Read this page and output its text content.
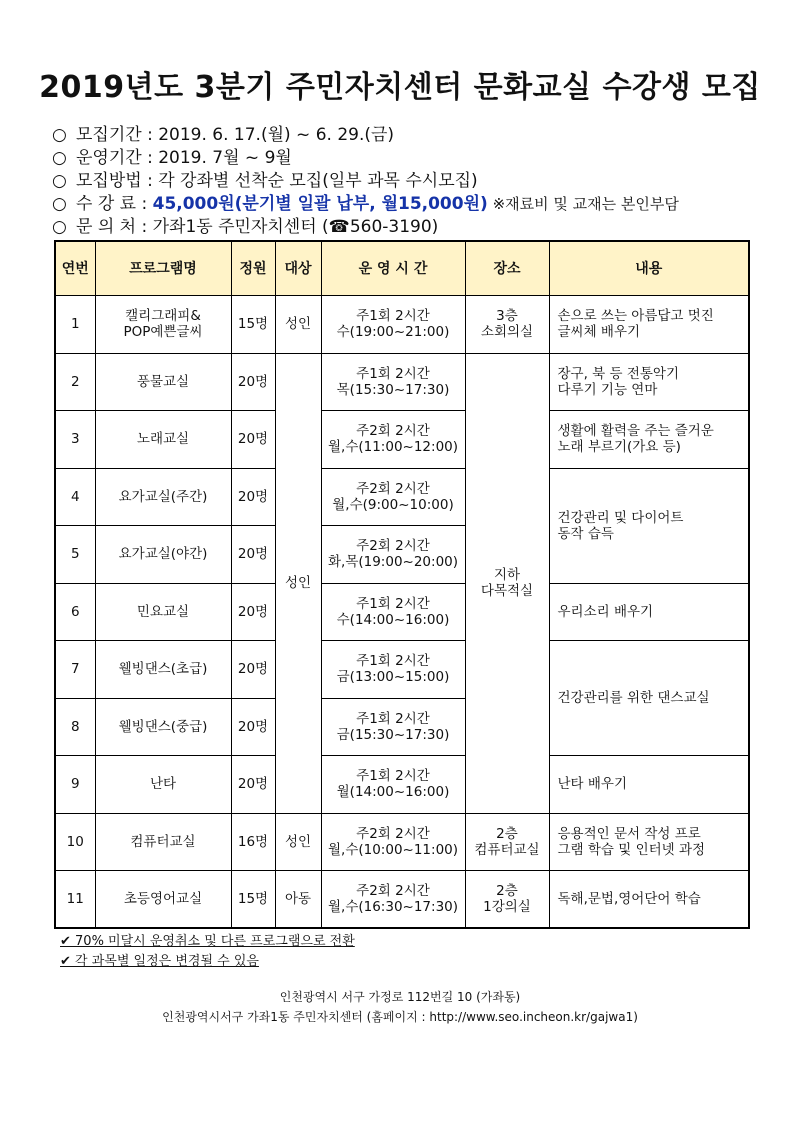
2019년도 3분기 주민자치센터 문화교실 수강생 모집
○ 모집기간 : 2019. 6. 17.(월) ~ 6. 29.(금)
○ 운영기간 : 2019. 7월 ~ 9월
○ 모집방법 : 각 강좌별 선착순 모집(일부 과목 수시모집)
○ 수 강 료 : 45,000원(분기별 일괄 납부, 월15,000원) ※재료비 및 교재는 본인부담
○ 문 의 처 : 가좌1동 주민자치센터 (☎560-3190)
연번	프로그램명	정원	대상	운 영 시 간	장소	내용
1	캘리그래피&
POP예쁜글씨	15명	성인	주1회 2시간
수(19:00~21:00)	3층
소회의실	손으로 쓰는 아름답고 멋진
글씨체 배우기
2	풍물교실	20명	성인	주1회 2시간
목(15:30~17:30)	지하
다목적실	장구, 북 등 전통악기
다루기 기능 연마
3	노래교실	20명		주2회 2시간
월,수(11:00~12:00)		생활에 활력을 주는 즐거운
노래 부르기(가요 등)
4	요가교실(주간)	20명		주2회 2시간
월,수(9:00~10:00)		건강관리 및 다이어트
동작 습득
5	요가교실(야간)	20명		주2회 2시간
화,목(19:00~20:00)		
6	민요교실	20명		주1회 2시간
수(14:00~16:00)		우리소리 배우기
7	웰빙댄스(초급)	20명		주1회 2시간
금(13:00~15:00)		건강관리를 위한 댄스교실
8	웰빙댄스(중급)	20명		주1회 2시간
금(15:30~17:30)		
9	난타	20명		주1회 2시간
월(14:00~16:00)		난타 배우기
10	컴퓨터교실	16명	성인	주2회 2시간
월,수(10:00~11:00)	2층
컴퓨터교실	응용적인 문서 작성 프로
그램 학습 및 인터넷 과정
11	초등영어교실	15명	아동	주2회 2시간
월,수(16:30~17:30)	2층
1강의실	독해,문법,영어단어 학습
✔ 70% 미달시 운영취소 및 다른 프로그램으로 전환
✔ 각 과목별 일정은 변경될 수 있음
인천광역시 서구 가정로 112번길 10 (가좌동)
인천광역시서구 가좌1동 주민자치센터 (홈페이지 : http://www.seo.incheon.kr/gajwa1)
